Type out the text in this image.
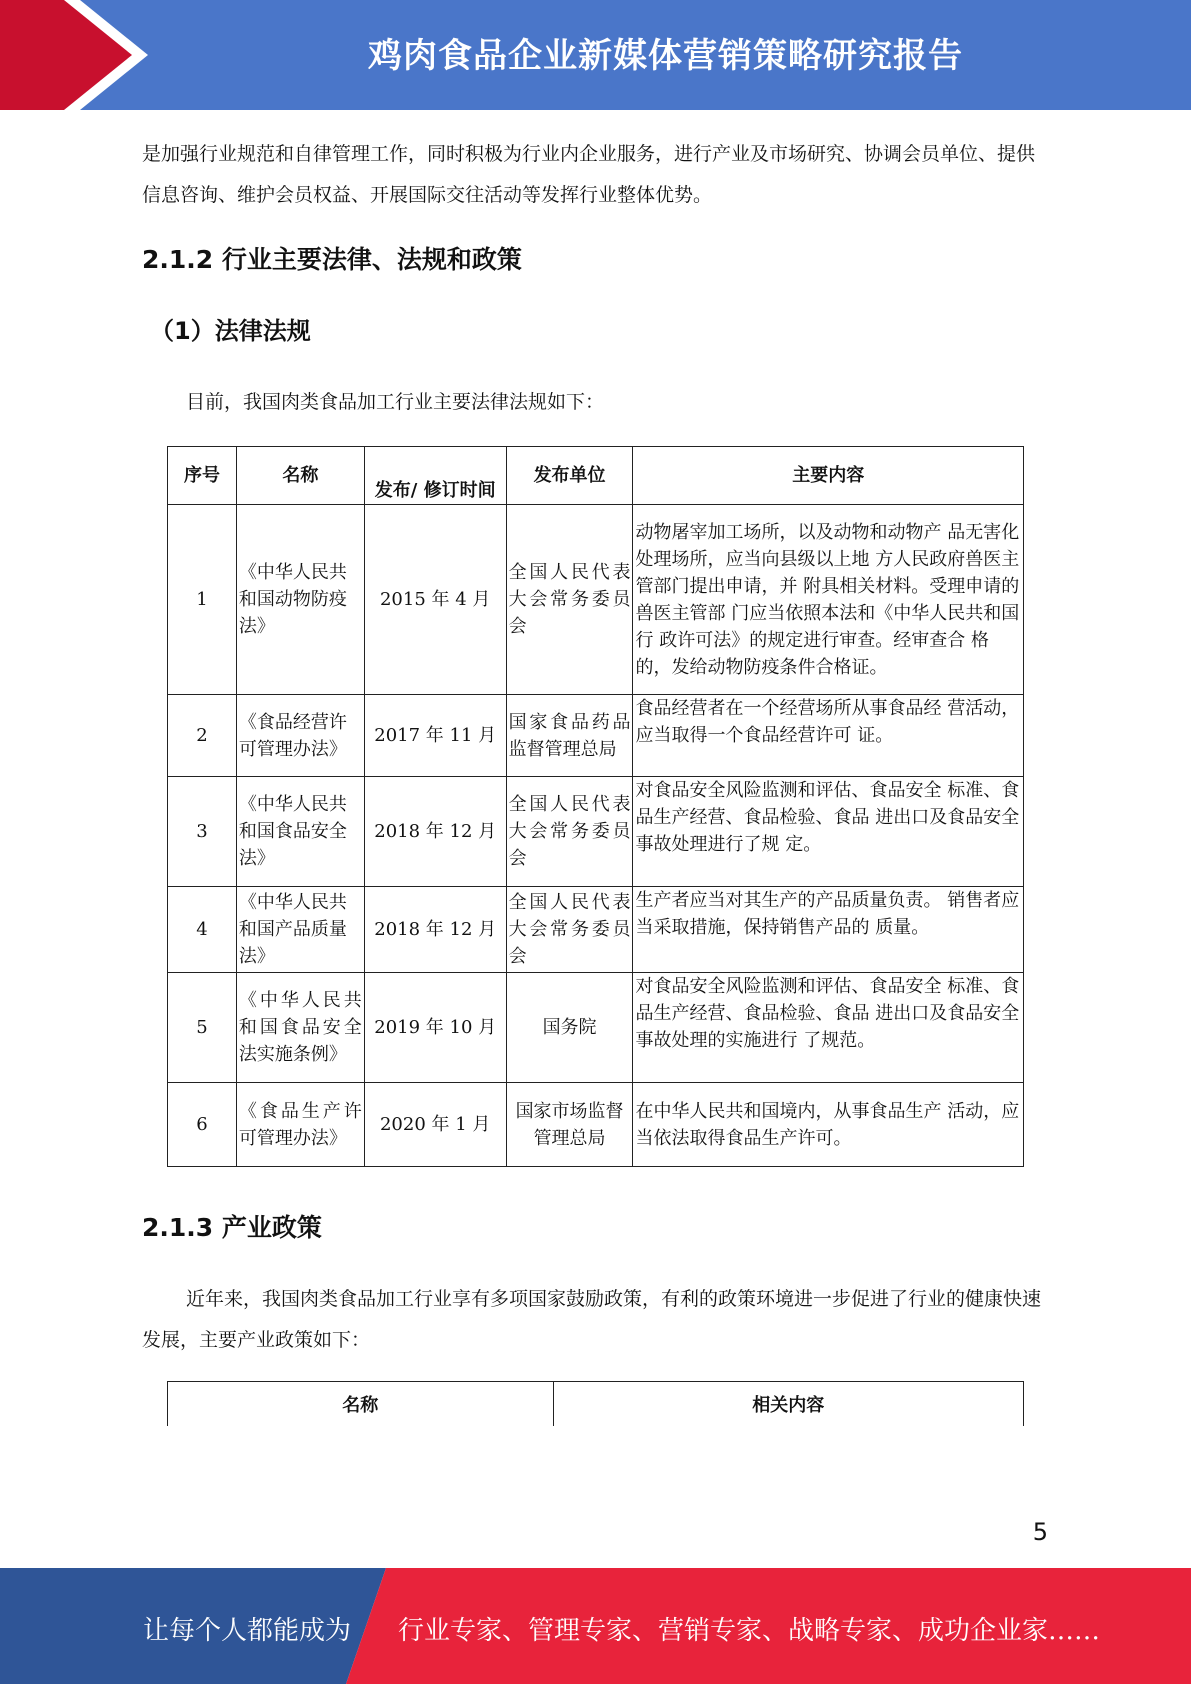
鸡肉食品企业新媒体营销策略研究报告
是加强行业规范和自律管理工作，同时积极为行业内企业服务，进行产业及市场研究、协调会员单位、提供信息咨询、维护会员权益、开展国际交往活动等发挥行业整体优势。
2.1.2 行业主要法律、法规和政策
（1）法律法规
目前，我国肉类食品加工行业主要法律法规如下：
序号	名称	发布/ 修订时间	发布单位	主要内容
1	《中华人民共和国动物防疫法》	2015 年 4 月	全国人民代表大会常务委员会	动物屠宰加工场所，以及动物和动物产 品无害化处理场所，应当向县级以上地 方人民政府兽医主管部门提出申请，并 附具相关材料。受理申请的兽医主管部 门应当依照本法和《中华人民共和国行 政许可法》的规定进行审查。经审查合 格的，发给动物防疫条件合格证。
2	《食品经营许可管理办法》	2017 年 11 月	国家食品药品监督管理总局	食品经营者在一个经营场所从事食品经 营活动，应当取得一个食品经营许可 证。
3	《中华人民共和国食品安全法》	2018 年 12 月	全国人民代表大会常务委员会	对食品安全风险监测和评估、食品安全 标准、食品生产经营、食品检验、食品 进出口及食品安全事故处理进行了规 定。
4	《中华人民共和国产品质量法》	2018 年 12 月	全国人民代表大会常务委员会	生产者应当对其生产的产品质量负责。 销售者应当采取措施，保持销售产品的 质量。
5	《中华人民共和国食品安全法实施条例》	2019 年 10 月	国务院	对食品安全风险监测和评估、食品安全 标准、食品生产经营、食品检验、食品 进出口及食品安全事故处理的实施进行 了规范。
6	《食品生产许可管理办法》	2020 年 1 月	国家市场监督管理总局	在中华人民共和国境内，从事食品生产 活动，应当依法取得食品生产许可。
2.1.3 产业政策
近年来，我国肉类食品加工行业享有多项国家鼓励政策，有利的政策环境进一步促进了行业的健康快速发展，主要产业政策如下：
名称	相关内容
5
让每个人都能成为 行业专家、管理专家、营销专家、战略专家、成功企业家……
